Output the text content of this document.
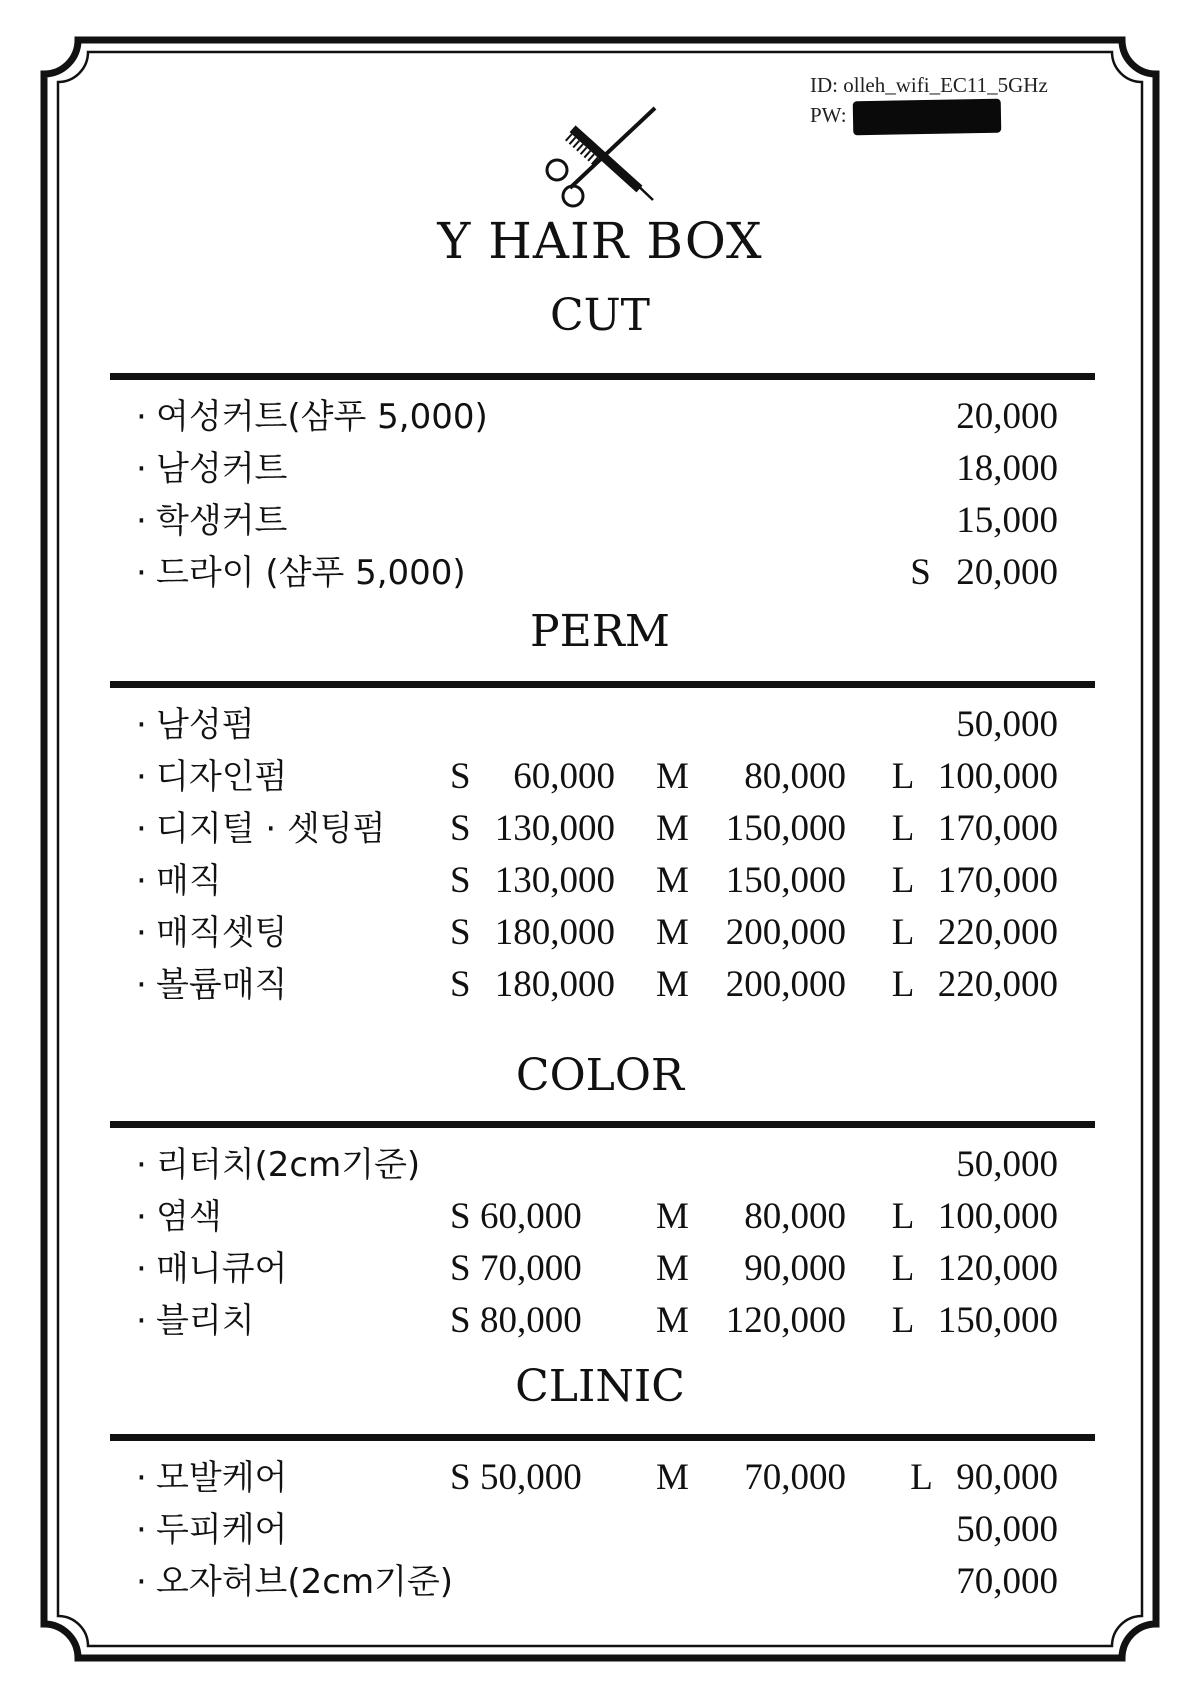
ID: olleh_wifi_EC11_5GHz
PW:
Y HAIR BOX
CUT
· 여성커트(샴푸 5,000)	20,000
· 남성커트	18,000
· 학생커트	15,000
· 드라이 (샴푸 5,000)	S 20,000
PERM
· 남성펌	50,000
· 디자인펌	S 60,000 M 80,000 L 100,000
· 디지털 · 셋팅펌 S 130,000 M 150,000 L 170,000
· 매직	S 130,000 M 150,000 L 170,000
· 매직셋팅	S 180,000 M 200,000 L 220,000
· 볼륨매직	S 180,000 M 200,000 L 220,000
COLOR
· 리터치(2cm기준)	50,000
· 염색	S 60,000	M 80,000 L 100,000
· 매니큐어	S 70,000	M 90,000 L 120,000
· 블리치	S 80,000	M 120,000 L 150,000
CLINIC
· 모발케어	S 50,000	M 70,000 L 90,000
· 두피케어	50,000
· 오자허브(2cm기준)	70,000
